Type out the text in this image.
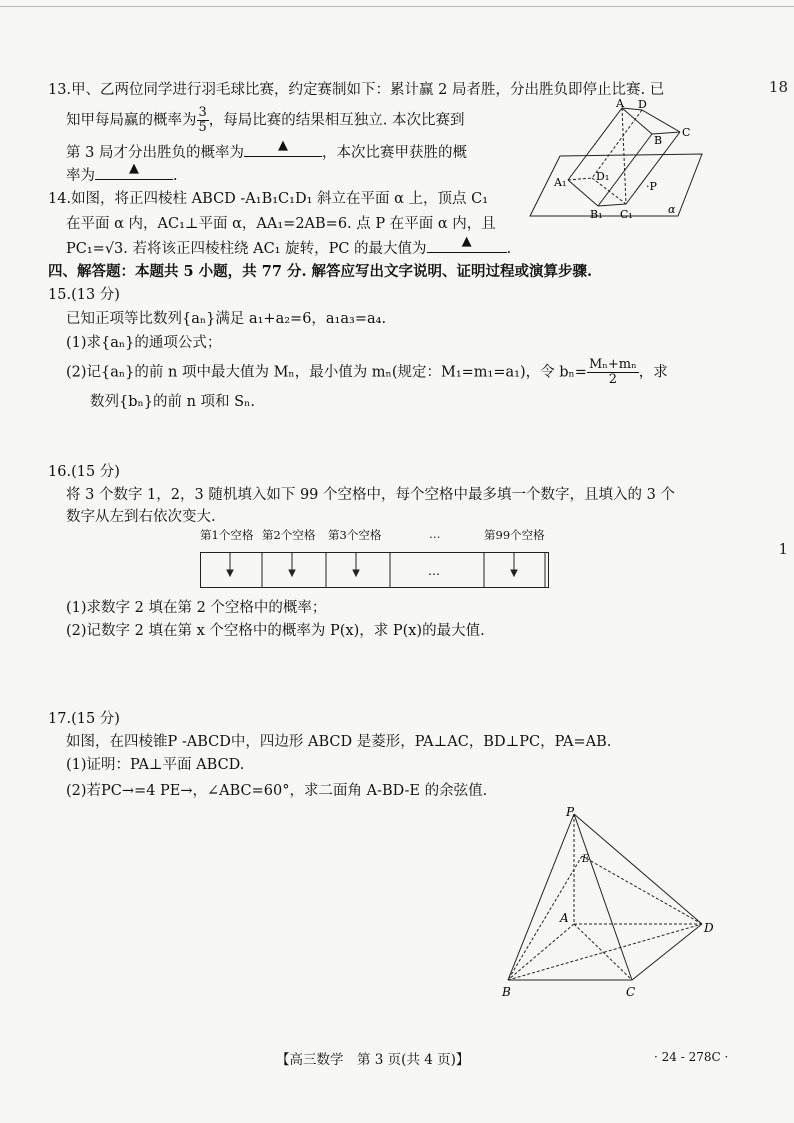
18
1
13.甲、乙两位同学进行羽毛球比赛，约定赛制如下：累计赢 2 局者胜，分出胜负即停止比赛. 已
知甲每局赢的概率为 $\frac{3}{5}$ ，每局比赛的结果相互独立. 本次比赛到
第 3 局才分出胜负的概率为	▲ ，本次比赛甲获胜的概
率为	▲ .
14.如图，将正四棱柱 ABCD -A₁B₁C₁D₁ 斜立在平面 α 上，顶点 C₁
在平面 α 内，AC₁⊥平面 α，AA₁=2AB=6. 点 P 在平面 α 内，且
PC₁=√3. 若将该正四棱柱绕 AC₁ 旋转，PC 的最大值为	▲ .
A D
C
B
A₁	D₁
B₁ C₁
·P
α
四、解答题：本题共 5 小题，共 77 分. 解答应写出文字说明、证明过程或演算步骤.
15.(13 分)
已知正项等比数列{aₙ}满足 a₁+a₂=6，a₁a₃=a₄.
(1)求{aₙ}的通项公式；
(2)记{aₙ}的前 n 项中最大值为 Mₙ，最小值为 mₙ(规定：M₁=m₁=a₁)，令 $b_n= \frac{\text{Mₙ+mₙ}}{2}$ ，求
数列{bₙ}的前 n 项和 Sₙ.
16.(15 分)
将 3 个数字 1，2，3 随机填入如下 99 个空格中，每个空格中最多填一个数字，且填入的 3 个
数字从左到右依次变大.
第1个空格 第2个空格 第3个空格	…	第99个空格
…
(1)求数字 2 填在第 2 个空格中的概率；
(2)记数字 2 填在第 x 个空格中的概率为 P(x)，求 P(x)的最大值.
17.(15 分)
如图，在四棱锥P -ABCD中，四边形 ABCD 是菱形，PA⊥AC，BD⊥PC，PA=AB.
(1)证明：PA⊥平面 ABCD.
(2)若PC→=4 PE→，∠ABC=60°，求二面角 A-BD-E 的余弦值.
P
E
A
B	C
D
【高三数学　第 3 页(共 4 页)】	· 24 - 278C ·
